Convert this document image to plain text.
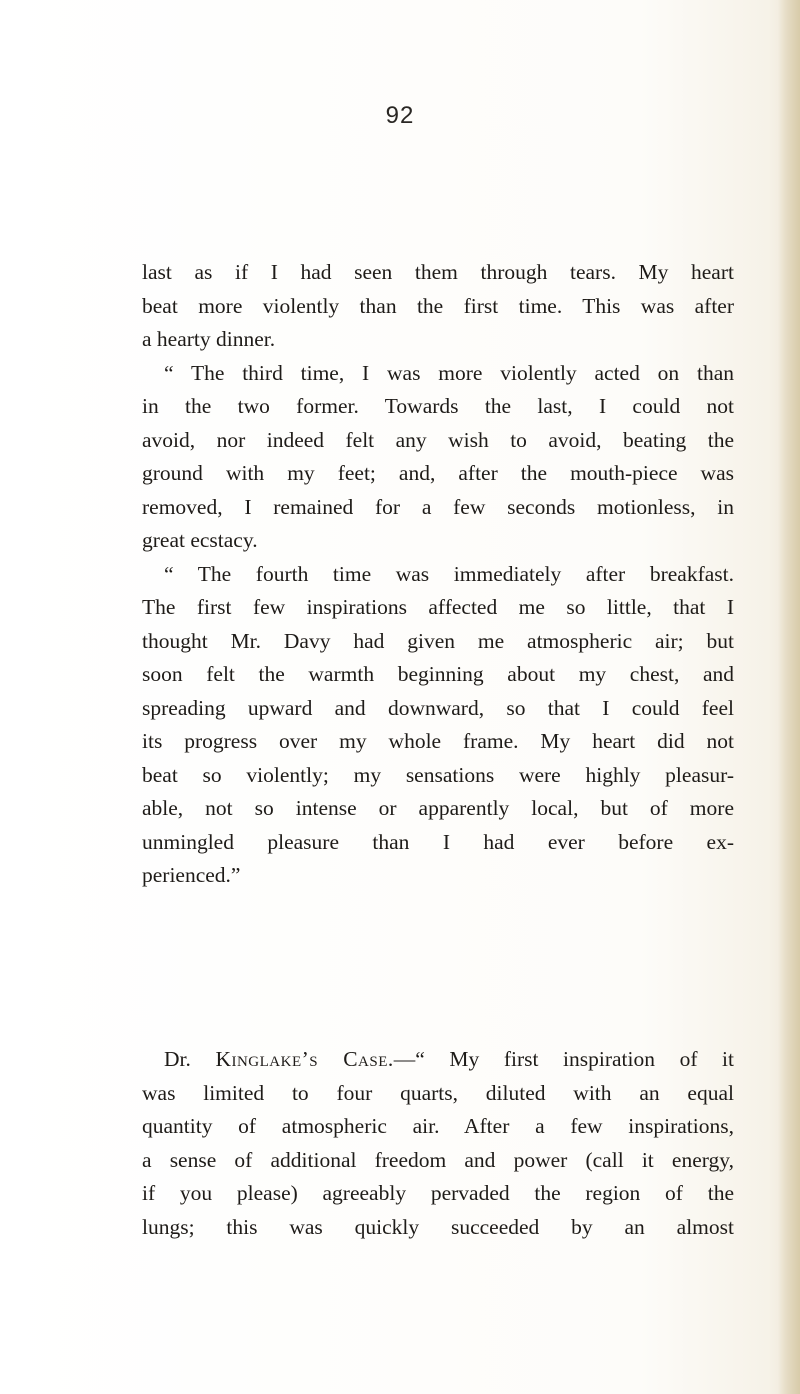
92

last as if I had seen them through tears. My heart

beat more violently than the first time. This was after

a hearty dinner.

“ The third time, I was more violently acted on than

in the two former. Towards the last, I could not

avoid, nor indeed felt any wish to avoid, beating the

ground with my feet; and, after the mouth-piece was

removed, I remained for a few seconds motionless, in

great ecstacy.

“ The fourth time was immediately after breakfast.

The first few inspirations affected me so little, that I

thought Mr. Davy had given me atmospheric air; but

soon felt the warmth beginning about my chest, and

spreading upward and downward, so that I could feel

its progress over my whole frame. My heart did not

beat so violently; my sensations were highly pleasur-

able, not so intense or apparently local, but of more

unmingled pleasure than I had ever before ex-

perienced.”

Dr. Kinglake’s Case.—“ My first inspiration of it

was limited to four quarts, diluted with an equal

quantity of atmospheric air. After a few inspirations,

a sense of additional freedom and power (call it energy,

if you please) agreeably pervaded the region of the

lungs; this was quickly succeeded by an almost
